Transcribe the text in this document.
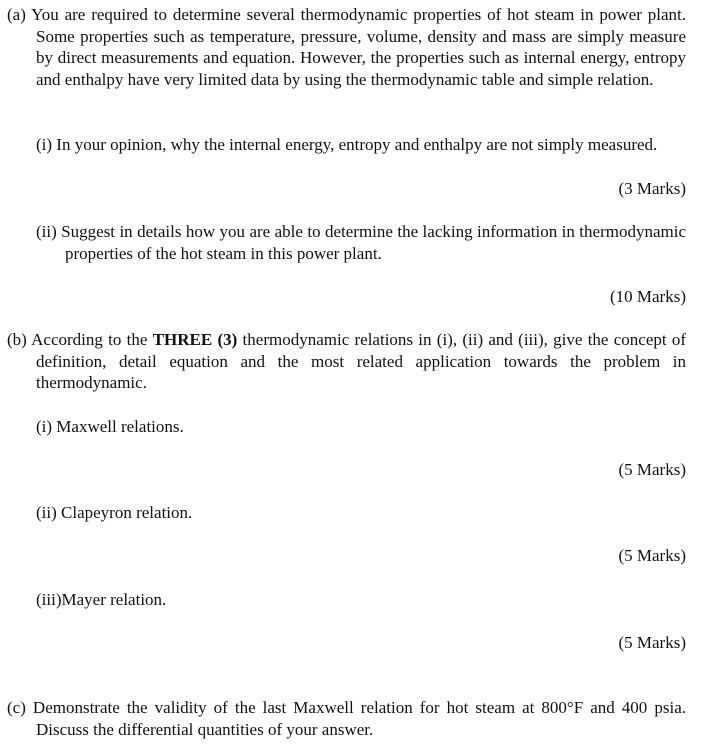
(a) You are required to determine several thermodynamic properties of hot steam in power plant. Some properties such as temperature, pressure, volume, density and mass are simply measure by direct measurements and equation. However, the properties such as internal energy, entropy and enthalpy have very limited data by using the thermodynamic table and simple relation.
(i) In your opinion, why the internal energy, entropy and enthalpy are not simply measured.
(3 Marks)
(ii) Suggest in details how you are able to determine the lacking information in thermodynamic properties of the hot steam in this power plant.
(10 Marks)
(b) According to the THREE (3) thermodynamic relations in (i), (ii) and (iii), give the concept of definition, detail equation and the most related application towards the problem in thermodynamic.
(i) Maxwell relations.
(5 Marks)
(ii) Clapeyron relation.
(5 Marks)
(iii)Mayer relation.
(5 Marks)
(c) Demonstrate the validity of the last Maxwell relation for hot steam at 800°F and 400 psia. Discuss the differential quantities of your answer.
